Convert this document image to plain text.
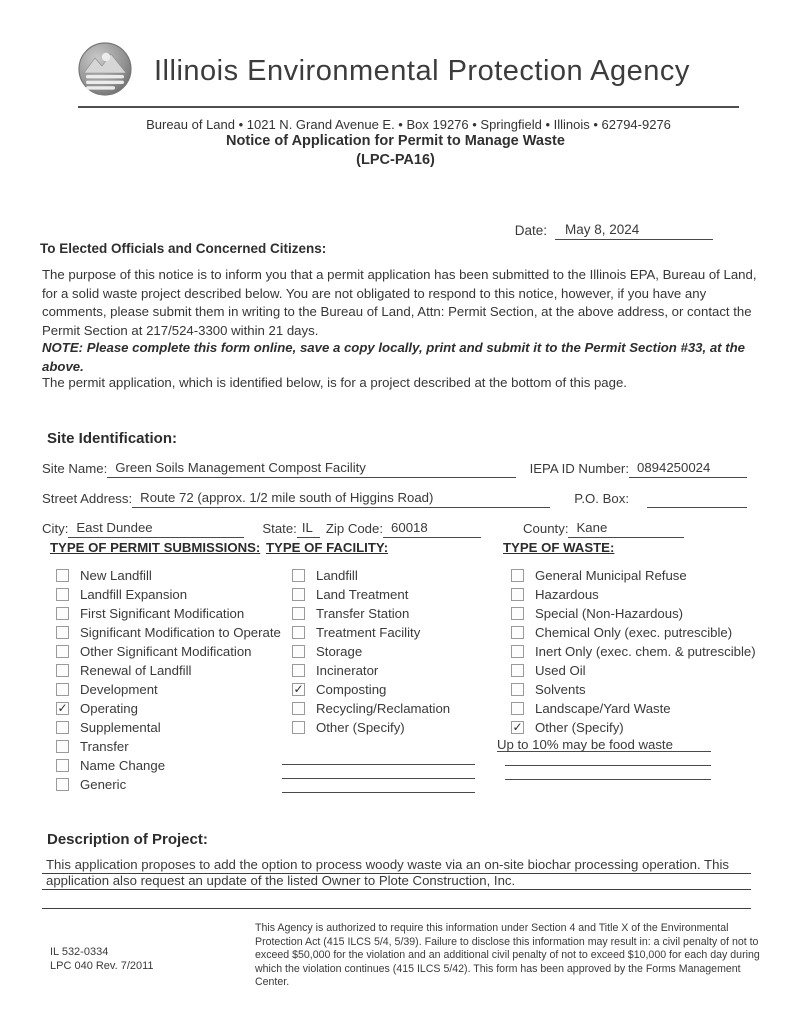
Illinois Environmental Protection Agency
Bureau of Land • 1021 N. Grand Avenue E. • Box 19276 • Springfield • Illinois • 62794-9276
Notice of Application for Permit to Manage Waste
(LPC-PA16)
Date:	May 8, 2024
To Elected Officials and Concerned Citizens:
The purpose of this notice is to inform you that a permit application has been submitted to the Illinois EPA, Bureau of Land, for a solid waste project described below. You are not obligated to respond to this notice, however, if you have any comments, please submit them in writing to the Bureau of Land, Attn: Permit Section, at the above address, or contact the Permit Section at 217/524-3300 within 21 days.
NOTE: Please complete this form online, save a copy locally, print and submit it to the Permit Section #33, at the above.
The permit application, which is identified below, is for a project described at the bottom of this page.
Site Identification:
Site Name: Green Soils Management Compost Facility	IEPA ID Number: 0894250024
Street Address: Route 72 (approx. 1/2 mile south of Higgins Road)	P.O. Box:
City: East Dundee	State: IL Zip Code: 60018	County: Kane
TYPE OF PERMIT SUBMISSIONS:
New Landfill
Landfill Expansion
First Significant Modification
Significant Modification to Operate
Other Significant Modification
Renewal of Landfill
Development
✓ Operating
Supplemental
Transfer
Name Change
Generic
TYPE OF FACILITY:
Landfill
Land Treatment
Transfer Station
Treatment Facility
Storage
Incinerator
✓ Composting
Recycling/Reclamation
Other (Specify)
TYPE OF WASTE:
General Municipal Refuse
Hazardous
Special (Non-Hazardous)
Chemical Only (exec. putrescible)
Inert Only (exec. chem. & putrescible)
Used Oil
Solvents
Landscape/Yard Waste
✓ Other (Specify)
Up to 10% may be food waste
Description of Project:
This application proposes to add the option to process woody waste via an on-site biochar processing operation. This
application also request an update of the listed Owner to Plote Construction, Inc.
IL 532-0334
LPC 040 Rev. 7/2011
This Agency is authorized to require this information under Section 4 and Title X of the Environmental Protection Act (415 ILCS 5/4, 5/39). Failure to disclose this information may result in: a civil penalty of not to exceed $50,000 for the violation and an additional civil penalty of not to exceed $10,000 for each day during which the violation continues (415 ILCS 5/42). This form has been approved by the Forms Management Center.
